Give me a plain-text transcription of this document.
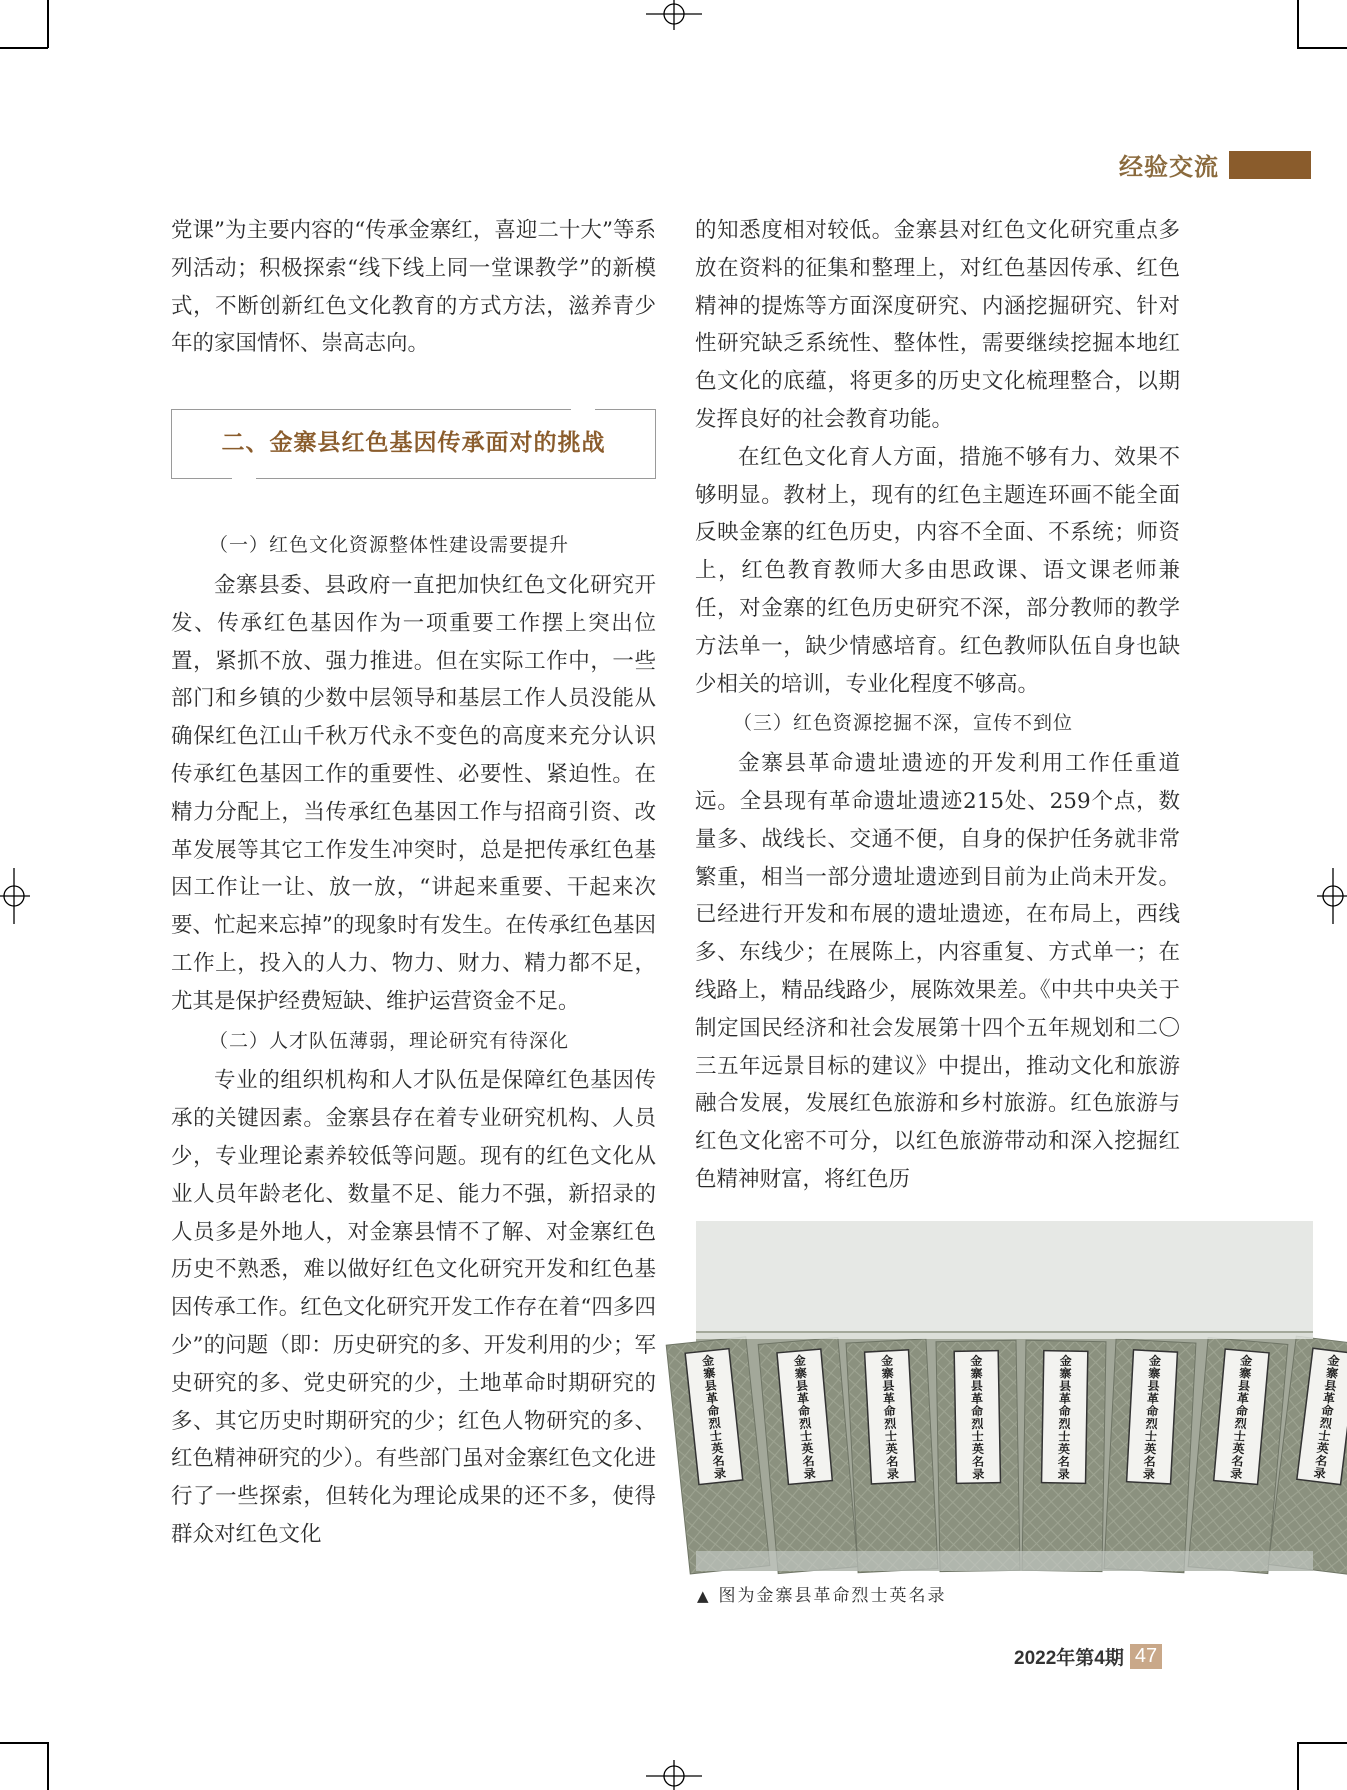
经验交流

党课”为主要内容的“传承金寨红，喜迎二十大”等系列活动；积极探索“线下线上同一堂课教学”的新模式，不断创新红色文化教育的方式方法，滋养青少年的家国情怀、崇高志向。

二、金寨县红色基因传承面对的挑战

（一）红色文化资源整体性建设需要提升

金寨县委、县政府一直把加快红色文化研究开发、传承红色基因作为一项重要工作摆上突出位置，紧抓不放、强力推进。但在实际工作中，一些部门和乡镇的少数中层领导和基层工作人员没能从确保红色江山千秋万代永不变色的高度来充分认识传承红色基因工作的重要性、必要性、紧迫性。在精力分配上，当传承红色基因工作与招商引资、改革发展等其它工作发生冲突时，总是把传承红色基因工作让一让、放一放，“讲起来重要、干起来次要、忙起来忘掉”的现象时有发生。在传承红色基因工作上，投入的人力、物力、财力、精力都不足，尤其是保护经费短缺、维护运营资金不足。

（二）人才队伍薄弱，理论研究有待深化

专业的组织机构和人才队伍是保障红色基因传承的关键因素。金寨县存在着专业研究机构、人员少，专业理论素养较低等问题。现有的红色文化从业人员年龄老化、数量不足、能力不强，新招录的人员多是外地人，对金寨县情不了解、对金寨红色历史不熟悉，难以做好红色文化研究开发和红色基因传承工作。红色文化研究开发工作存在着“四多四少”的问题（即：历史研究的多、开发利用的少；军史研究的多、党史研究的少，土地革命时期研究的多、其它历史时期研究的少；红色人物研究的多、红色精神研究的少）。有些部门虽对金寨红色文化进行了一些探索，但转化为理论成果的还不多，使得群众对红色文化

的知悉度相对较低。金寨县对红色文化研究重点多放在资料的征集和整理上，对红色基因传承、红色精神的提炼等方面深度研究、内涵挖掘研究、针对性研究缺乏系统性、整体性，需要继续挖掘本地红色文化的底蕴，将更多的历史文化梳理整合，以期发挥良好的社会教育功能。

在红色文化育人方面，措施不够有力、效果不够明显。教材上，现有的红色主题连环画不能全面反映金寨的红色历史，内容不全面、不系统；师资上，红色教育教师大多由思政课、语文课老师兼任，对金寨的红色历史研究不深，部分教师的教学方法单一，缺少情感培育。红色教师队伍自身也缺少相关的培训，专业化程度不够高。

（三）红色资源挖掘不深，宣传不到位

金寨县革命遗址遗迹的开发利用工作任重道远。全县现有革命遗址遗迹215处、259个点，数量多、战线长、交通不便，自身的保护任务就非常繁重，相当一部分遗址遗迹到目前为止尚未开发。已经进行开发和布展的遗址遗迹，在布局上，西线多、东线少；在展陈上，内容重复、方式单一；在线路上，精品线路少，展陈效果差。《中共中央关于制定国民经济和社会发展第十四个五年规划和二〇三五年远景目标的建议》中提出，推动文化和旅游融合发展，发展红色旅游和乡村旅游。红色旅游与红色文化密不可分，以红色旅游带动和深入挖掘红色精神财富，将红色历

金寨县革命烈士英名录
金寨县革命烈士英名录
金寨县革命烈士英名录
金寨县革命烈士英名录
金寨县革命烈士英名录
金寨县革命烈士英名录
金寨县革命烈士英名录
金寨县革命烈士英名录
▲ 图为金寨县革命烈士英名录
2022年第4期 47
